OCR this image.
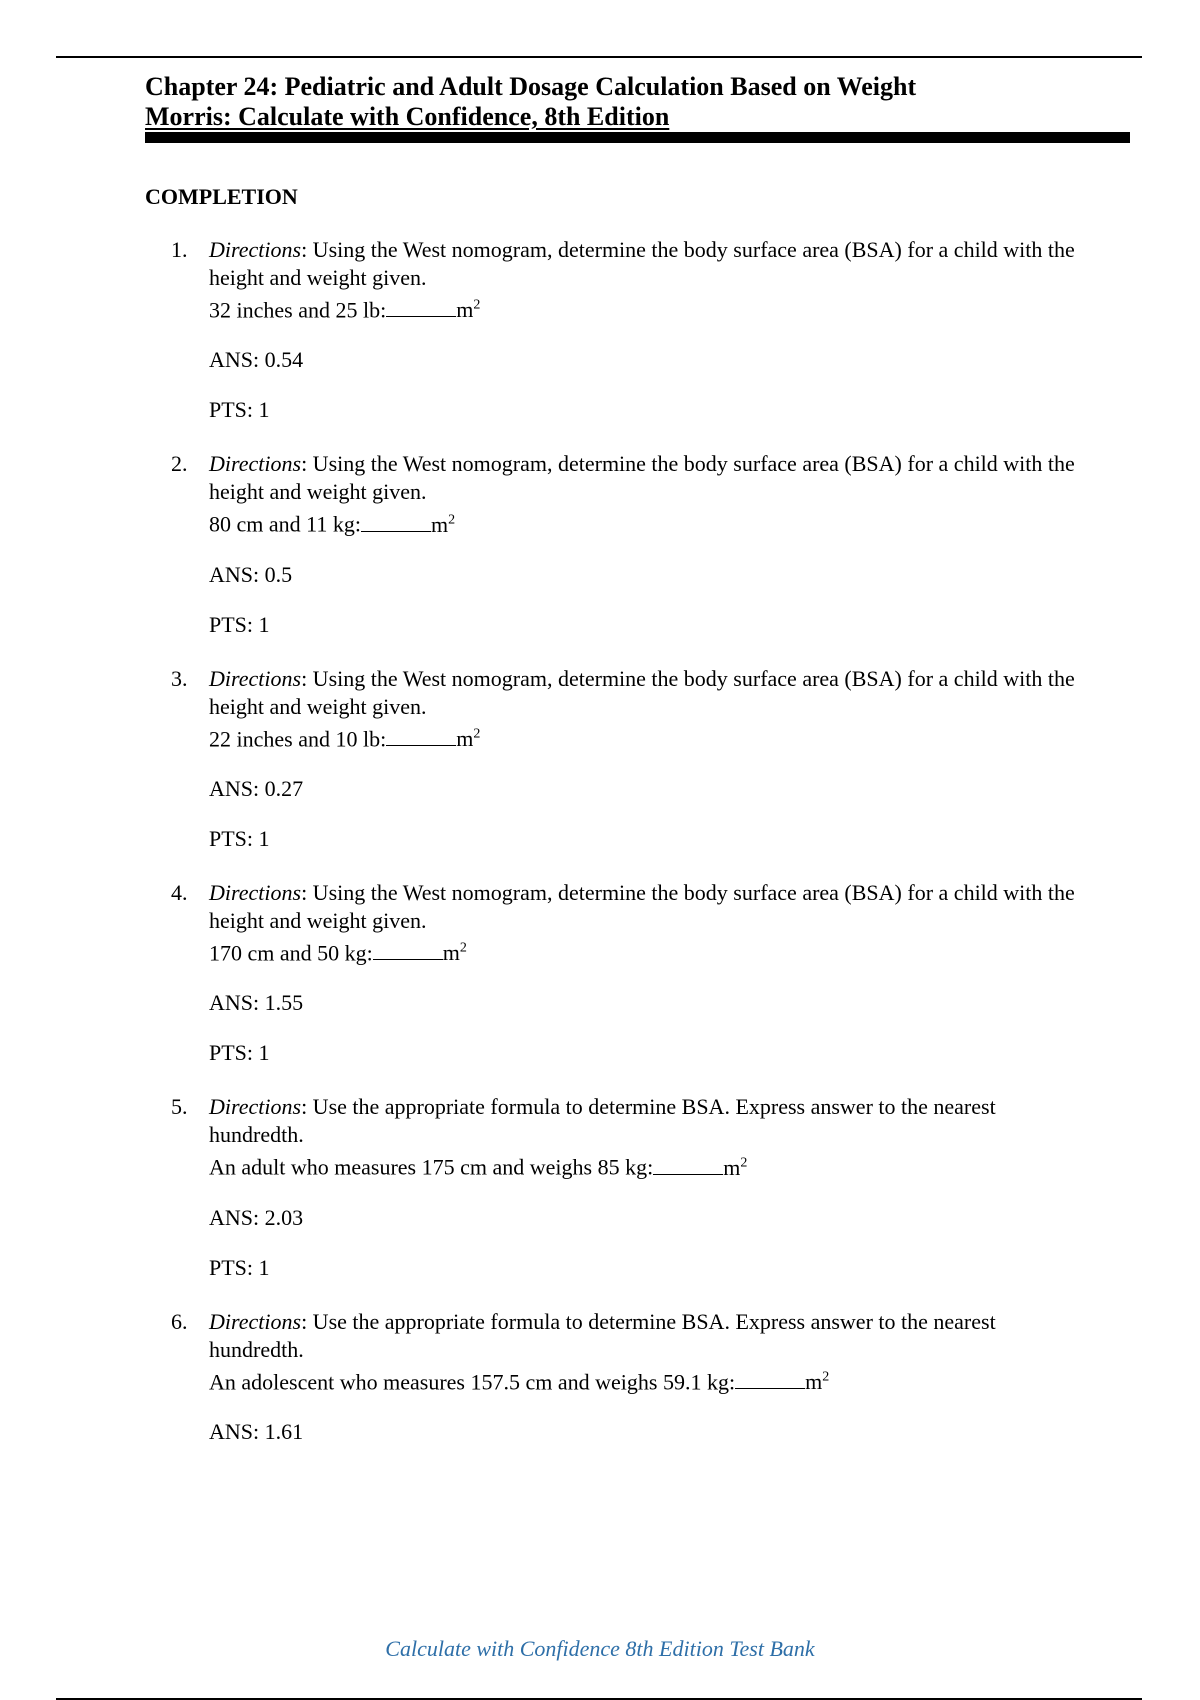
Chapter 24: Pediatric and Adult Dosage Calculation Based on Weight

Morris: Calculate with Confidence, 8th Edition

COMPLETION
1. Directions: Using the West nomogram, determine the body surface area (BSA) for a child with the height and weight given.
32 inches and 25 lb:	$m^2$
ANS: 0.54
PTS: 1
2. Directions: Using the West nomogram, determine the body surface area (BSA) for a child with the height and weight given.
80 cm and 11 kg:	$m^2$
ANS: 0.5
PTS: 1
3. Directions: Using the West nomogram, determine the body surface area (BSA) for a child with the height and weight given.
22 inches and 10 lb:	$m^2$
ANS: 0.27
PTS: 1
4. Directions: Using the West nomogram, determine the body surface area (BSA) for a child with the height and weight given.
170 cm and 50 kg:	$m^2$
ANS: 1.55
PTS: 1
5. Directions: Use the appropriate formula to determine BSA. Express answer to the nearest hundredth.
An adult who measures 175 cm and weighs 85 kg:	$m^2$
ANS: 2.03
PTS: 1
6. Directions: Use the appropriate formula to determine BSA. Express answer to the nearest hundredth.
An adolescent who measures 157.5 cm and weighs 59.1 kg:	$m^2$
ANS: 1.61
Calculate with Confidence 8th Edition Test Bank
